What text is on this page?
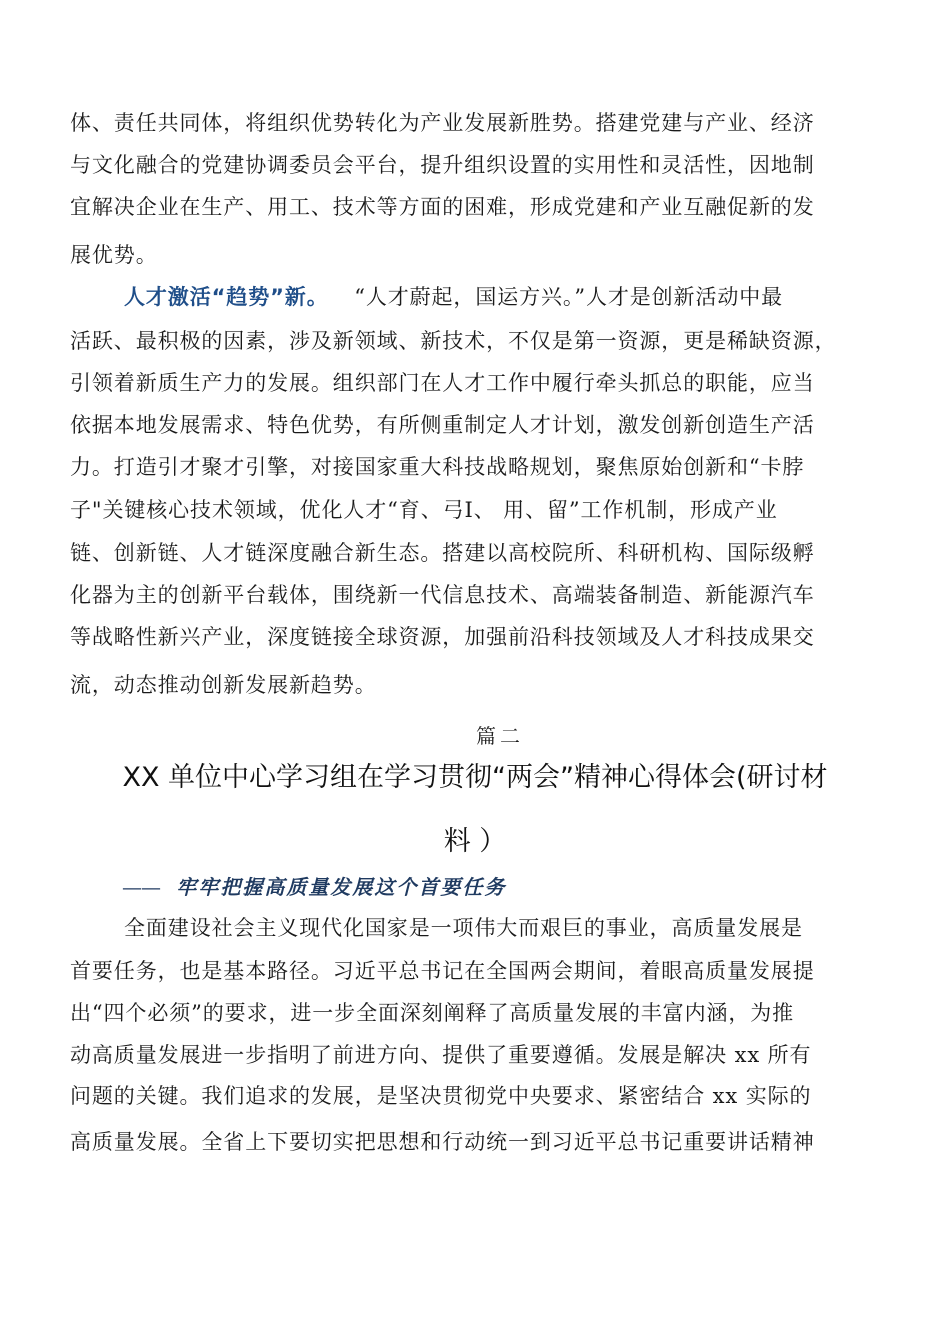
体、责任共同体，将组织优势转化为产业发展新胜势。搭建党建与产业、经济
与文化融合的党建协调委员会平台，提升组织设置的实用性和灵活性，因地制
宜解决企业在生产、用工、技术等方面的困难，形成党建和产业互融促新的发
展优势。
人才激活“趋势”新。 “人才蔚起，国运方兴。”人才是创新活动中最
活跃、最积极的因素，涉及新领域、新技术，不仅是第一资源，更是稀缺资源，
引领着新质生产力的发展。组织部门在人才工作中履行牵头抓总的职能，应当
依据本地发展需求、特色优势，有所侧重制定人才计划，激发创新创造生产活
力。打造引才聚才引擎，对接国家重大科技战略规划，聚焦原始创新和“卡脖
子"关键核心技术领域，优化人才“育、弓I、 用、留”工作机制，形成产业
链、创新链、人才链深度融合新生态。搭建以高校院所、科研机构、国际级孵
化器为主的创新平台载体，围绕新一代信息技术、高端装备制造、新能源汽车
等战略性新兴产业，深度链接全球资源，加强前沿科技领域及人才科技成果交
流，动态推动创新发展新趋势。
篇二
XX 单位中心学习组在学习贯彻“两会”精神心得体会(研讨材
料 ）
—— 牢牢把握高质量发展这个首要任务
全面建设社会主义现代化国家是一项伟大而艰巨的事业，高质量发展是
首要任务，也是基本路径。习近平总书记在全国两会期间，着眼高质量发展提
出“四个必须”的要求，进一步全面深刻阐释了高质量发展的丰富内涵，为推
动高质量发展进一步指明了前进方向、提供了重要遵循。发展是解决 xx 所有
问题的关键。我们追求的发展，是坚决贯彻党中央要求、紧密结合 xx 实际的
高质量发展。全省上下要切实把思想和行动统一到习近平总书记重要讲话精神
